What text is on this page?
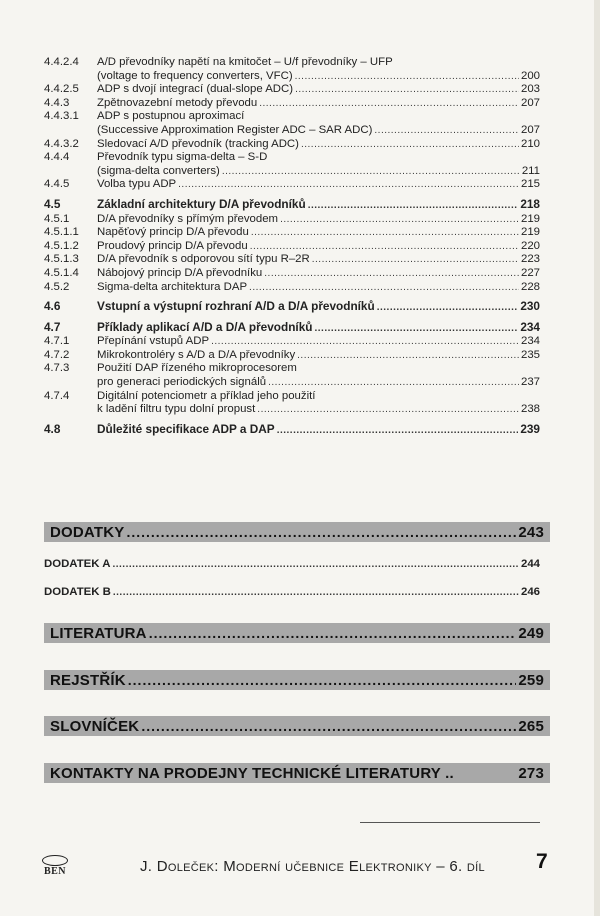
4.4.2.4 A/D převodníky napětí na kmitočet – U/f převodníky – UFP
(voltage to frequency converters, VFC) .....	200
4.4.2.5 ADP s dvojí integrací (dual-slope ADC) .....	203
4.4.3 Zpětnovazební metody převodu .....	207
4.4.3.1 ADP s postupnou aproximací
(Successive Approximation Register ADC – SAR ADC) .....	207
4.4.3.2 Sledovací A/D převodník (tracking ADC) .....	210
4.4.4 Převodník typu sigma-delta – S-D
(sigma-delta converters) .....	211
4.4.5 Volba typu ADP .....	215
4.5	Základní architektury D/A převodníků .....	218
4.5.1 D/A převodníky s přímým převodem .....	219
4.5.1.1 Napěťový princip D/A převodu .....	219
4.5.1.2 Proudový princip D/A převodu .....	220
4.5.1.3 D/A převodník s odporovou sítí typu R–2R .....	223
4.5.1.4 Nábojový princip D/A převodníku .....	227
4.5.2 Sigma-delta architektura DAP .....	228
4.6	Vstupní a výstupní rozhraní A/D a D/A převodníků .....	230
4.7	Příklady aplikací A/D a D/A převodníků .....	234
4.7.1 Přepínání vstupů ADP .....	234
4.7.2 Mikrokontroléry s A/D a D/A převodníky .....	235
4.7.3 Použití DAP řízeného mikroprocesorem
pro generaci periodických signálů .....	237
4.7.4 Digitální potenciometr a příklad jeho použití
k ladění filtru typu dolní propust .....	238
4.8	Důležité specifikace ADP a DAP .....	239
DODATKY .....	243
DODATEK A .....	244
DODATEK B .....	246
LITERATURA .....	249
REJSTŘÍK .....	259
SLOVNÍČEK .....	265
KONTAKTY NA PRODEJNY TECHNICKÉ LITERATURY ..	273
BEN	J. Doleček: Moderní učebnice Elektroniky – 6. díl 7
